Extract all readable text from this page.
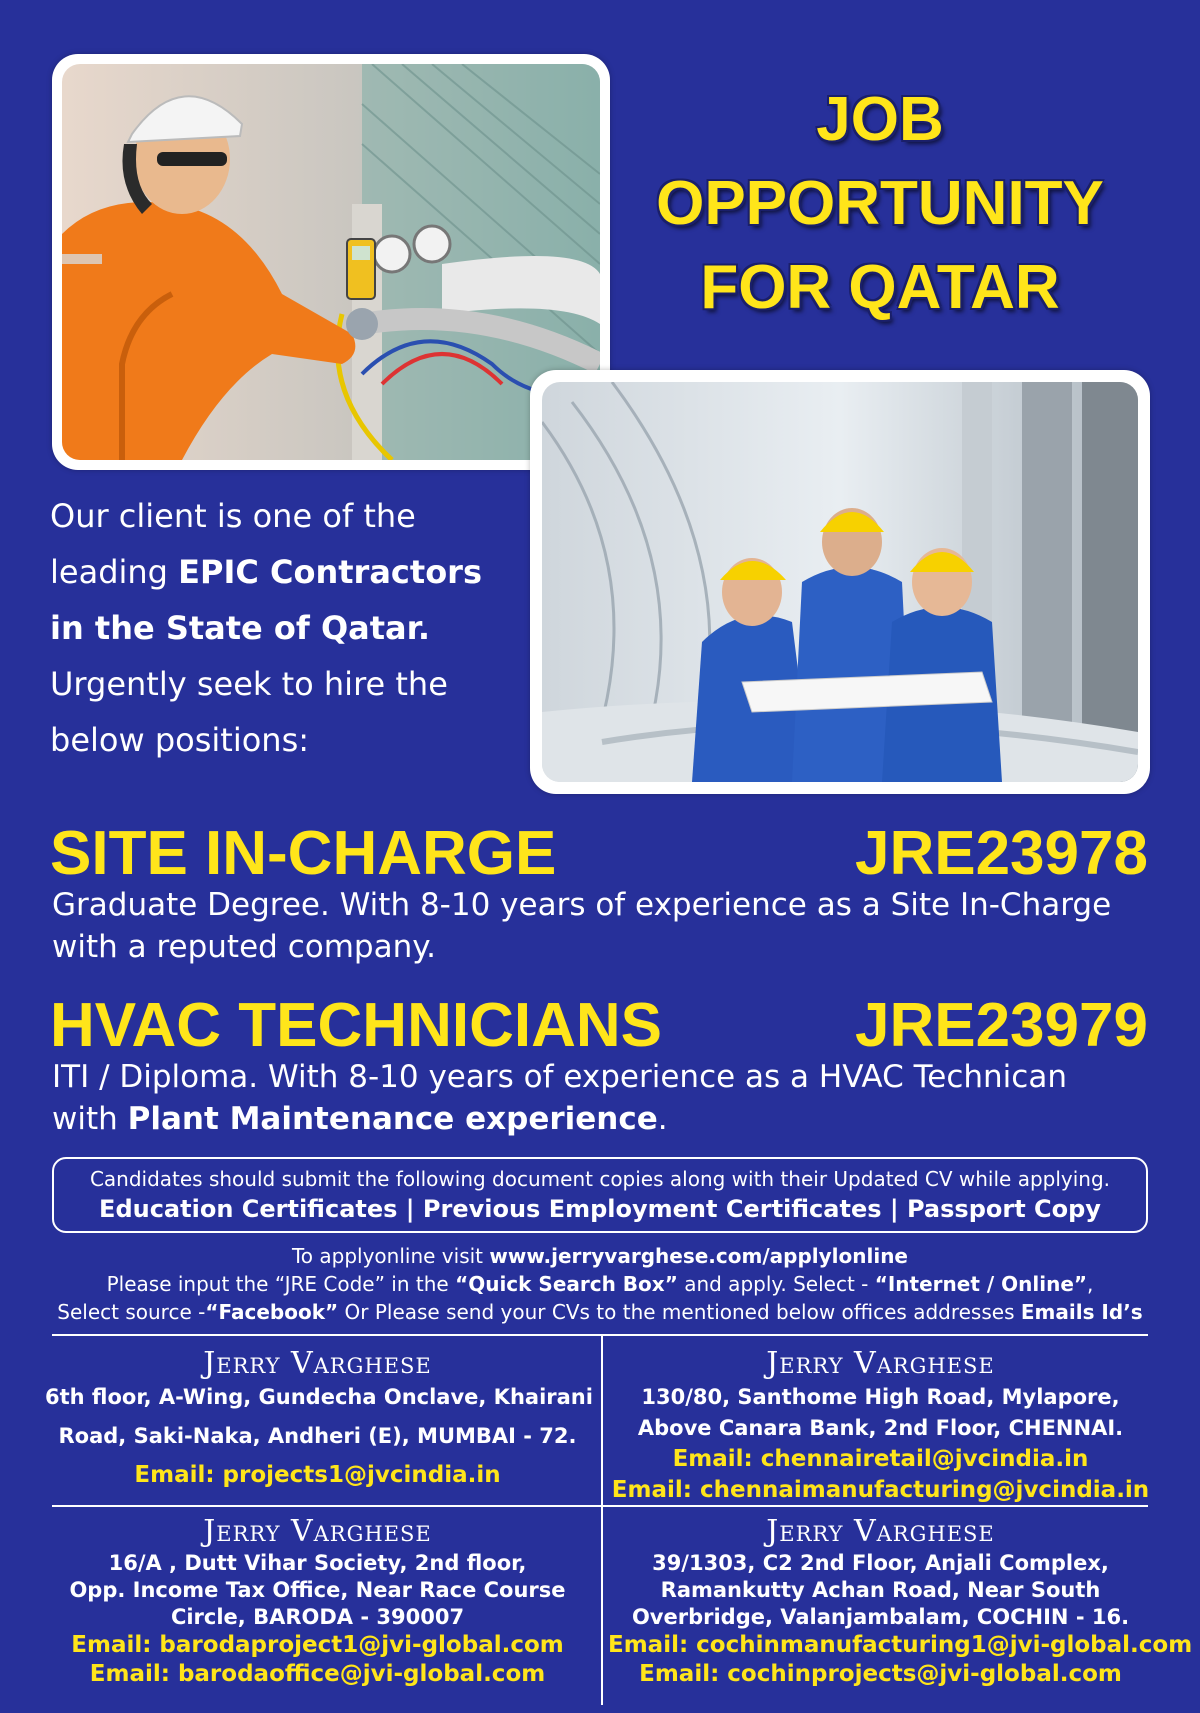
JOB
OPPORTUNITY
FOR QATAR
Our client is one of the
leading EPIC Contractors
in the State of Qatar.
Urgently seek to hire the
below positions:
SITE IN-CHARGE	JRE23978
Graduate Degree. With 8-10 years of experience as a Site In-Charge
with a reputed company.
HVAC TECHNICIANS	JRE23979
ITI / Diploma. With 8-10 years of experience as a HVAC Technican
with Plant Maintenance experience.
Candidates should submit the following document copies along with their Updated CV while applying.
Education Certificates | Previous Employment Certificates | Passport Copy
To applyonline visit www.jerryvarghese.com/applylonline
Please input the “JRE Code” in the “Quick Search Box” and apply. Select - “Internet / Online”,
Select source -“Facebook” Or Please send your CVs to the mentioned below offices addresses Emails Id’s
Jerry Varghese
6th floor, A-Wing, Gundecha Onclave, Khairani
Road, Saki-Naka, Andheri (E), MUMBAI - 72.
Email: projects1@jvcindia.in
Jerry Varghese
130/80, Santhome High Road, Mylapore,
Above Canara Bank, 2nd Floor, CHENNAI.
Email: chennairetail@jvcindia.in
Email: chennaimanufacturing@jvcindia.in
Jerry Varghese
16/A , Dutt Vihar Society, 2nd floor,
Opp. Income Tax Office, Near Race Course
Circle, BARODA - 390007
Email: barodaproject1@jvi-global.com
Email: barodaoffice@jvi-global.com
Jerry Varghese
39/1303, C2 2nd Floor, Anjali Complex,
Ramankutty Achan Road, Near South
Overbridge, Valanjambalam, COCHIN - 16.
Email: cochinmanufacturing1@jvi-global.com
Email: cochinprojects@jvi-global.com
